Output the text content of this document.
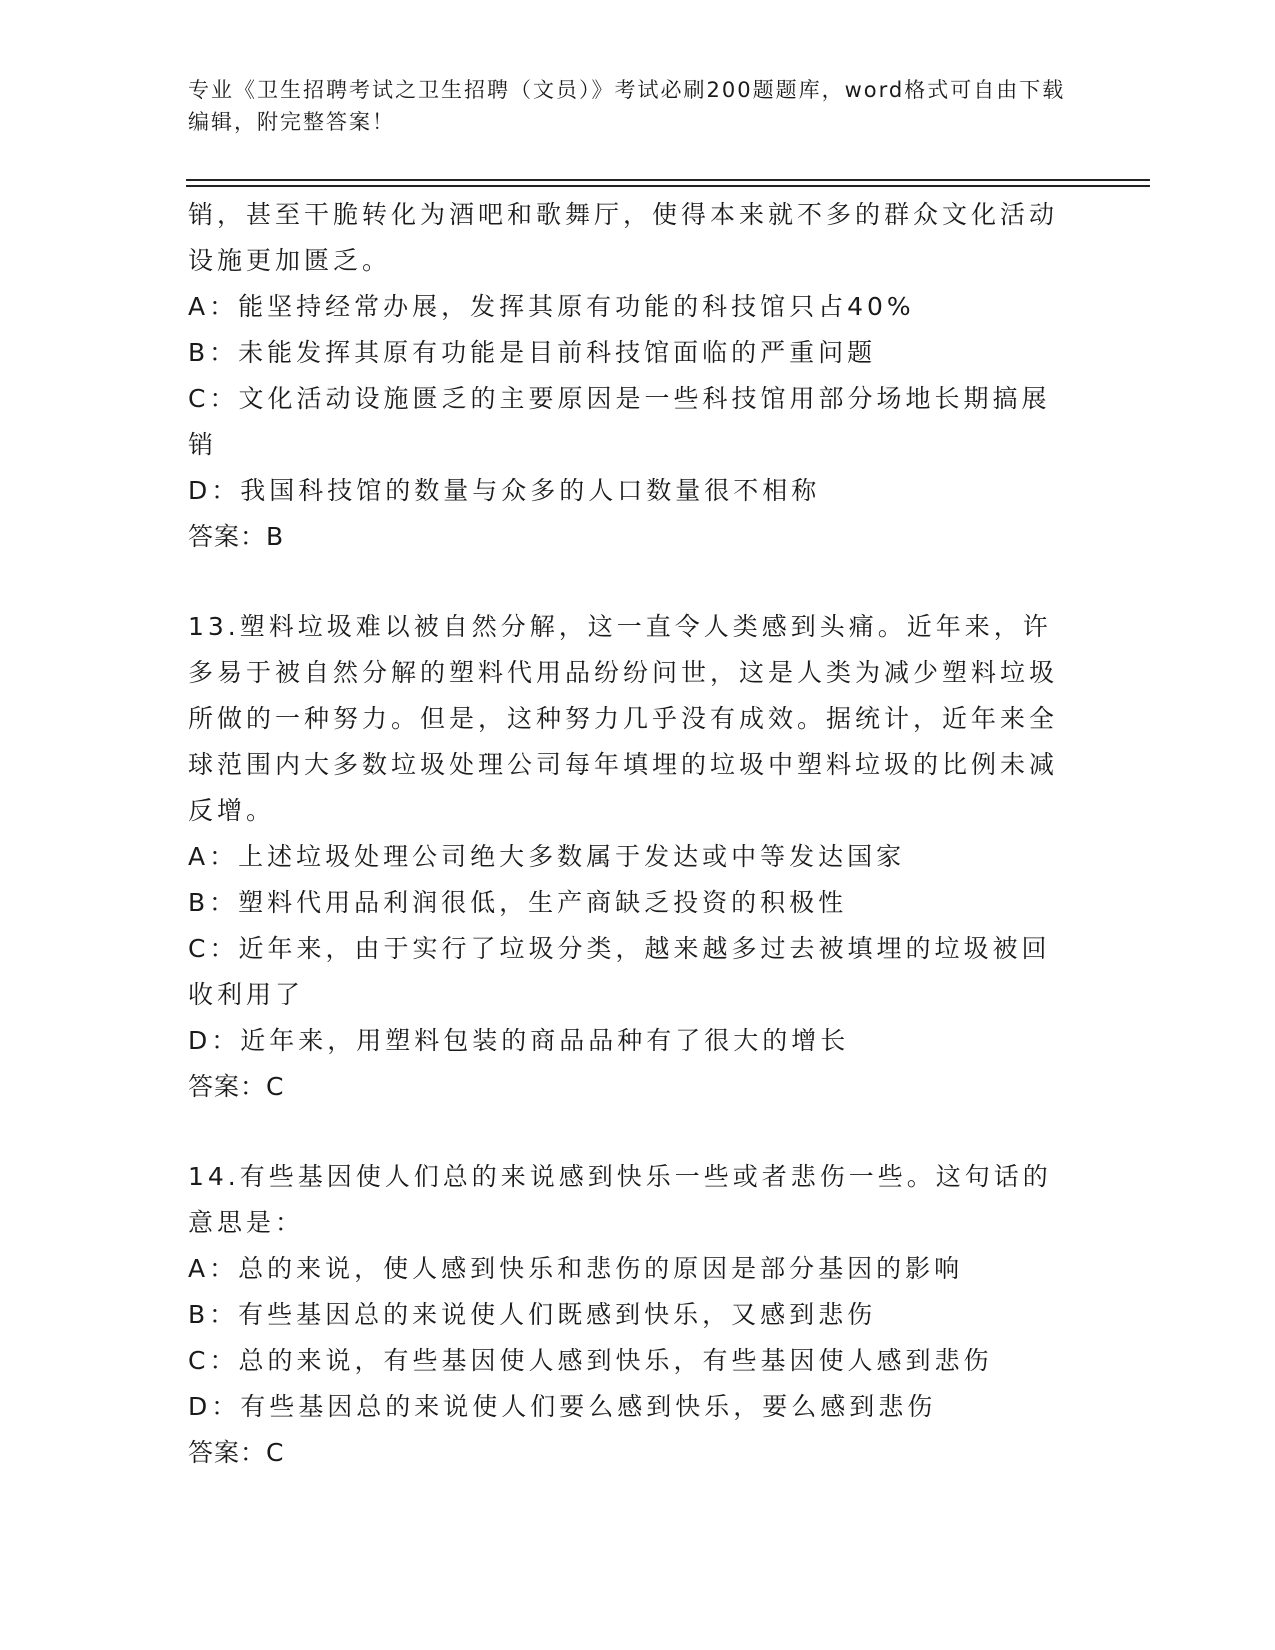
专业《卫生招聘考试之卫生招聘（文员）》考试必刷200题题库，word格式可自由下载编辑，附完整答案！

销，甚至干脆转化为酒吧和歌舞厅，使得本来就不多的群众文化活动设施更加匮乏。

A：能坚持经常办展，发挥其原有功能的科技馆只占40%

B：未能发挥其原有功能是目前科技馆面临的严重问题

C：文化活动设施匮乏的主要原因是一些科技馆用部分场地长期搞展销

D：我国科技馆的数量与众多的人口数量很不相称

答案：B

13.塑料垃圾难以被自然分解，这一直令人类感到头痛。近年来，许多易于被自然分解的塑料代用品纷纷问世，这是人类为减少塑料垃圾所做的一种努力。但是，这种努力几乎没有成效。据统计，近年来全球范围内大多数垃圾处理公司每年填埋的垃圾中塑料垃圾的比例未减反增。

A：上述垃圾处理公司绝大多数属于发达或中等发达国家

B：塑料代用品利润很低，生产商缺乏投资的积极性

C：近年来，由于实行了垃圾分类，越来越多过去被填埋的垃圾被回收利用了

D：近年来，用塑料包装的商品品种有了很大的增长

答案：C

14.有些基因使人们总的来说感到快乐一些或者悲伤一些。这句话的意思是：

A：总的来说，使人感到快乐和悲伤的原因是部分基因的影响

B：有些基因总的来说使人们既感到快乐，又感到悲伤

C：总的来说，有些基因使人感到快乐，有些基因使人感到悲伤

D：有些基因总的来说使人们要么感到快乐，要么感到悲伤

答案：C
